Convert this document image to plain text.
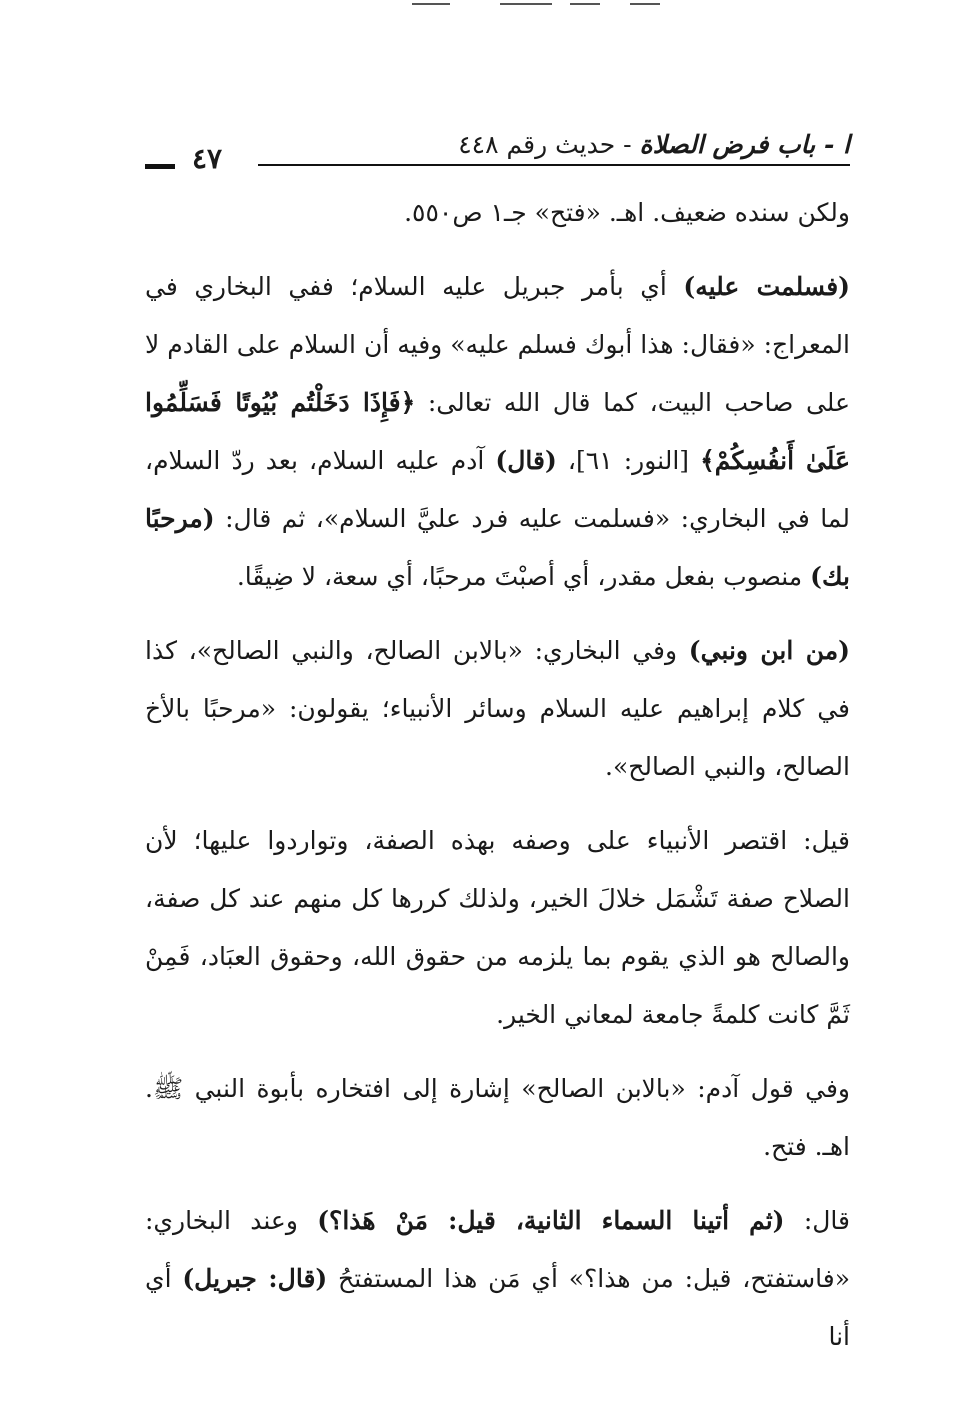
ا - باب فرض الصلاة - حديث رقم ٤٤٨
٤٧

ولكن سنده ضعيف. اهـ. «فتح» جـ١ ص٥٥٠.

(فسلمت عليه) أي بأمر جبريل عليه السلام؛ ففي البخاري في المعراج: «فقال: هذا أبوك فسلم عليه» وفيه أن السلام على القادم لا على صاحب البيت، كما قال الله تعالى: ﴿فَإِذَا دَخَلْتُم بُيُوتًا فَسَلِّمُوا عَلَىٰ أَنفُسِكُمْ﴾ [النور: ٦١]، (قال) آدم عليه السلام، بعد ردّ السلام، لما في البخاري: «فسلمت عليه فرد عليَّ السلام»، ثم قال: (مرحبًا بك) منصوب بفعل مقدر، أي أصبْتَ مرحبًا، أي سعة، لا ضِيقًا.

(من ابن ونبي) وفي البخاري: «بالابن الصالح، والنبي الصالح»، كذا في كلام إبراهيم عليه السلام وسائر الأنبياء؛ يقولون: «مرحبًا بالأخ الصالح، والنبي الصالح».

قيل: اقتصر الأنبياء على وصفه بهذه الصفة، وتواردوا عليها؛ لأن الصلاح صفة تَشْمَل خلالَ الخير، ولذلك كررها كل منهم عند كل صفة، والصالح هو الذي يقوم بما يلزمه من حقوق الله، وحقوق العبَاد، فَمِنْ ثَمَّ كانت كلمةً جامعة لمعاني الخير.

وفي قول آدم: «بالابن الصالح» إشارة إلى افتخاره بأبوة النبي ﷺ. اهـ. فتح.

قال: (ثم أتينا السماء الثانية، قيل: مَنْ هَذا؟) وعند البخاري: «فاستفتح، قيل: من هذا؟» أي مَن هذا المستفتحُ (قال: جبريل) أي أنا
